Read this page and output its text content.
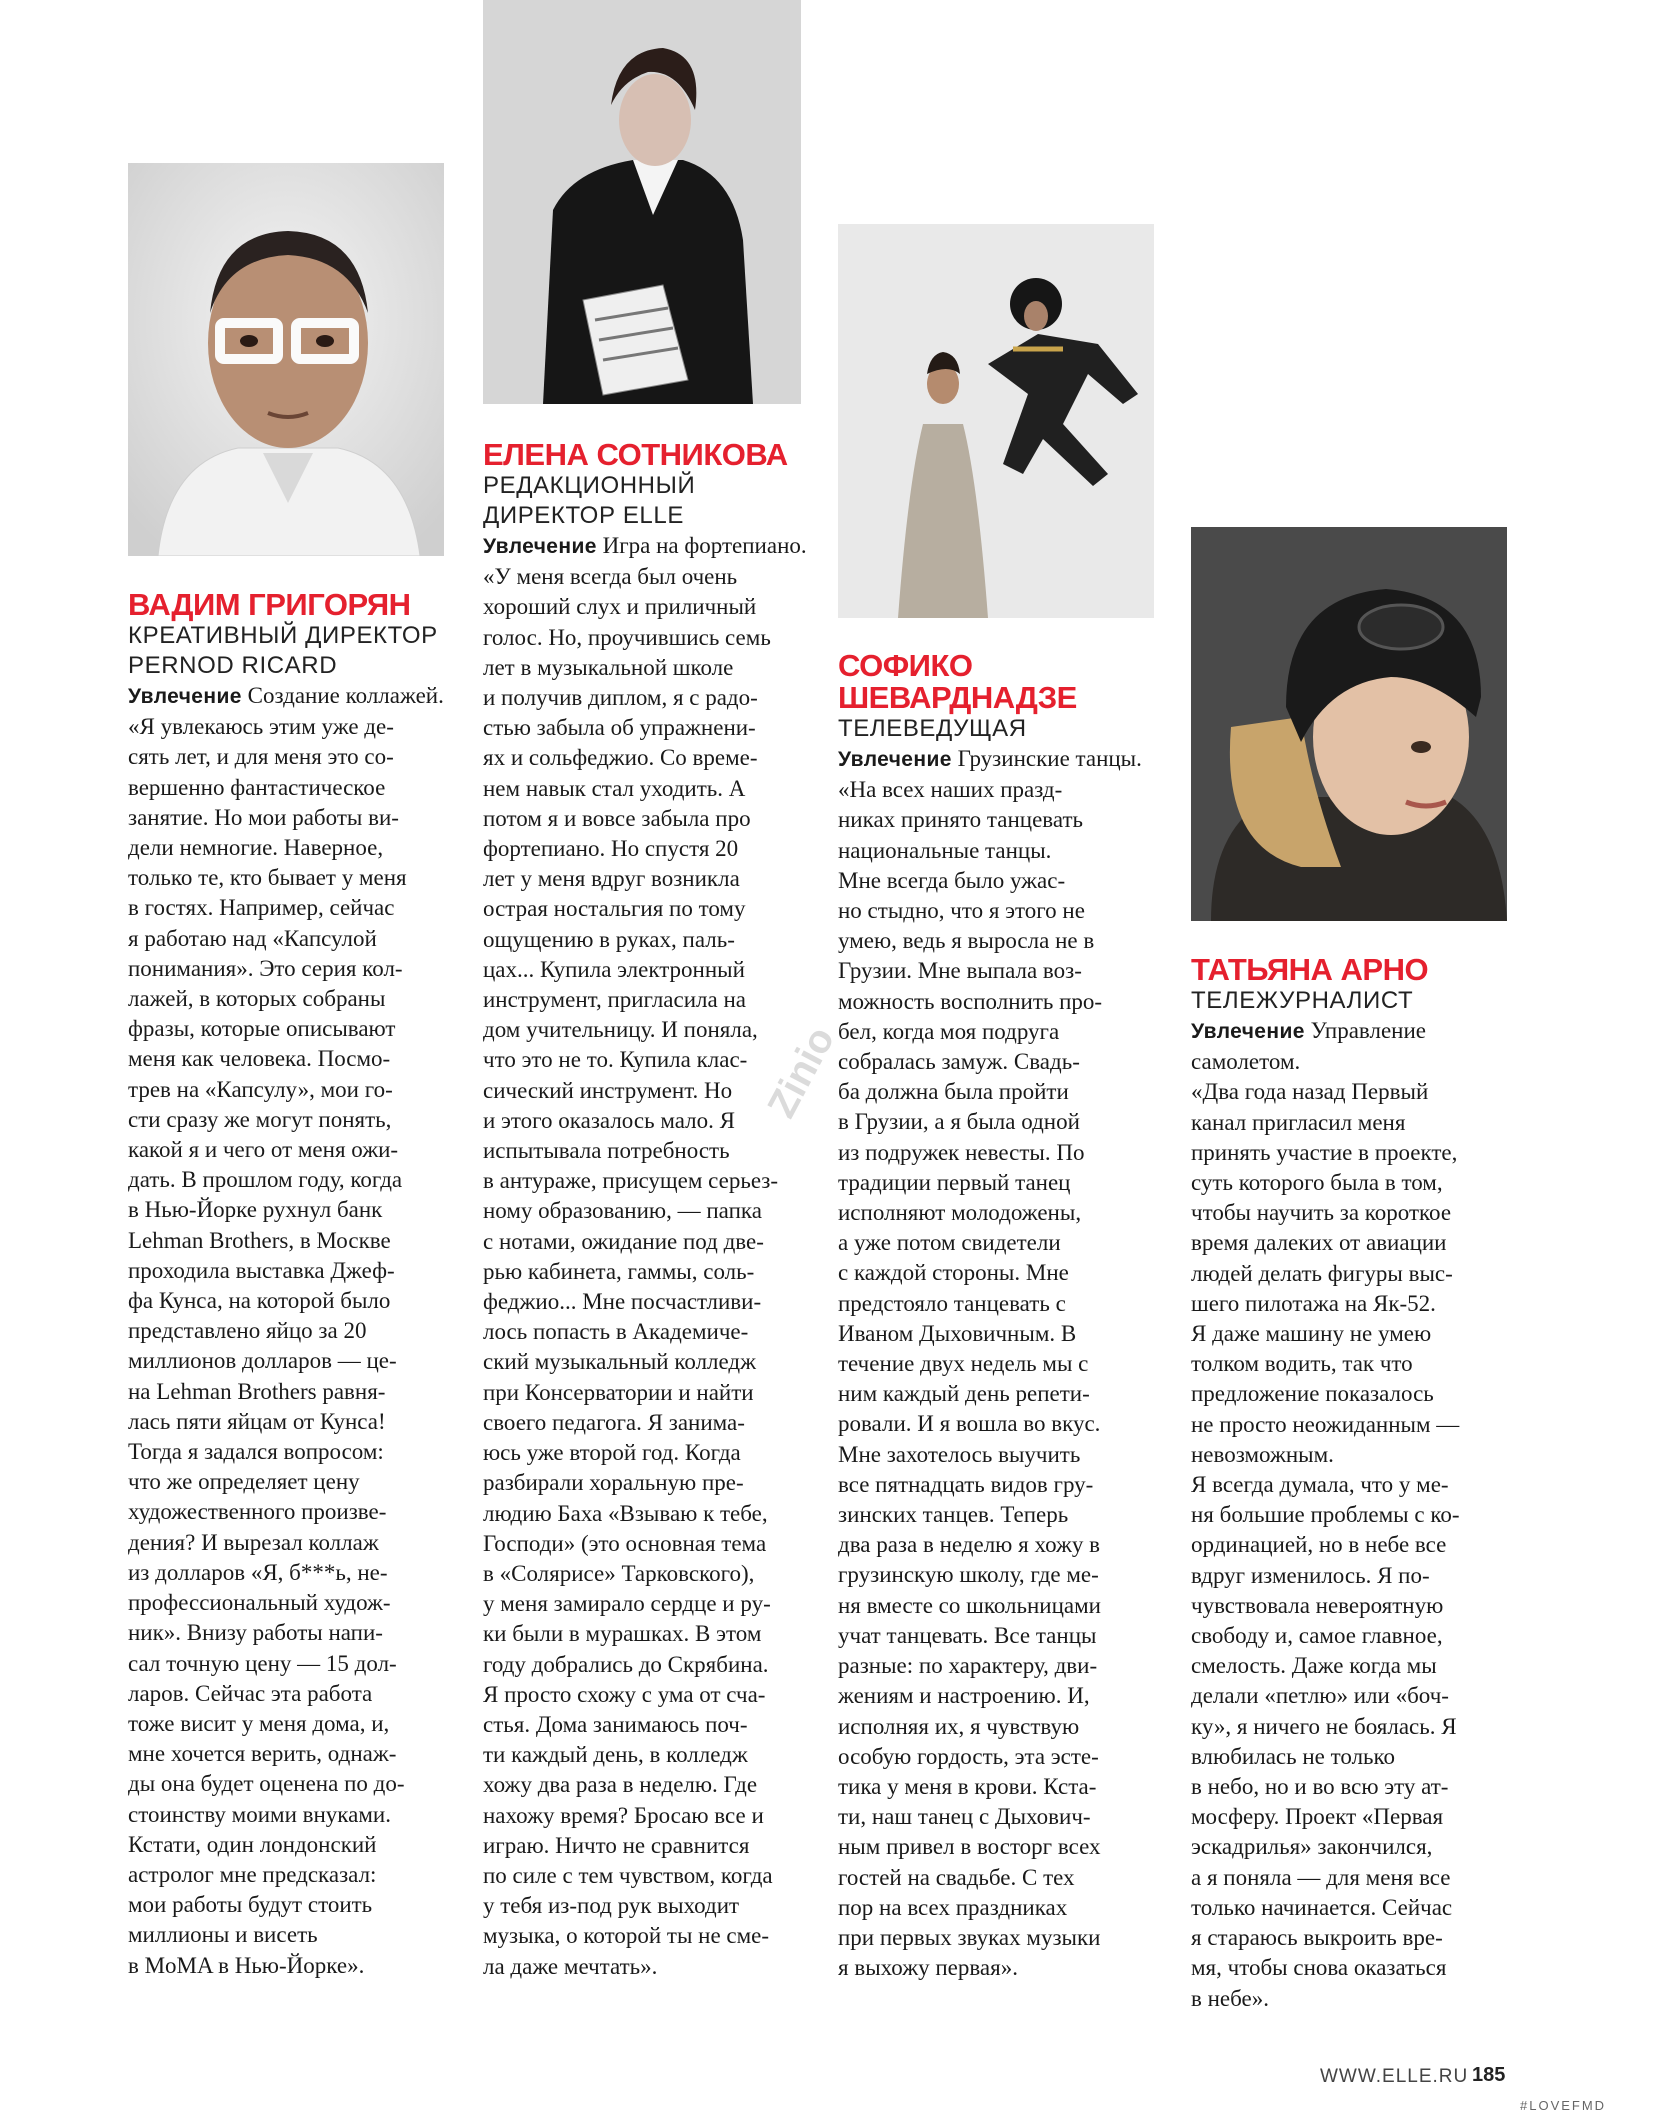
ВАДИМ ГРИГОРЯН

КРЕАТИВНЫЙ ДИРЕКТОР
PERNOD RICARD

Увлечение Создание коллажей.

«Я увлекаюсь этим уже де-
сять лет, и для меня это со-
вершенно фантастическое
занятие. Но мои работы ви-
дели немногие. Наверное,
только те, кто бывает у меня
в гостях. Например, сейчас
я работаю над «Капсулой
понимания». Это серия кол-
лажей, в которых собраны
фразы, которые описывают
меня как человека. Посмо-
трев на «Капсулу», мои го-
сти сразу же могут понять,
какой я и чего от меня ожи-
дать. В прошлом году, когда
в Нью-Йорке рухнул банк
Lehman Brothers, в Москве
проходила выставка Джеф-
фа Кунса, на которой было
представлено яйцо за 20
миллионов долларов — це-
на Lehman Brothers равня-
лась пяти яйцам от Кунса!
Тогда я задался вопросом:
что же определяет цену
художественного произве-
дения? И вырезал коллаж
из долларов «Я, б***ь, не-
профессиональный худож-
ник». Внизу работы напи-
сал точную цену — 15 дол-
ларов. Сейчас эта работа
тоже висит у меня дома, и,
мне хочется верить, однаж-
ды она будет оценена по до-
стоинству моими внуками.
Кстати, один лондонский
астролог мне предсказал:
мои работы будут стоить
миллионы и висеть
в MoMA в Нью-Йорке».

ЕЛЕНА СОТНИКОВА

РЕДАКЦИОННЫЙ
ДИРЕКТОР ELLE

Увлечение Игра на фортепиано.

«У меня всегда был очень
хороший слух и приличный
голос. Но, проучившись семь
лет в музыкальной школе
и получив диплом, я с радо-
стью забыла об упражнени-
ях и сольфеджио. Со време-
нем навык стал уходить. А
потом я и вовсе забыла про
фортепиано. Но спустя 20
лет у меня вдруг возникла
острая ностальгия по тому
ощущению в руках, паль-
цах... Купила электронный
инструмент, пригласила на
дом учительницу. И поняла,
что это не то. Купила клас-
сический инструмент. Но
и этого оказалось мало. Я
испытывала потребность
в антураже, присущем серьез-
ному образованию, — папка
с нотами, ожидание под две-
рью кабинета, гаммы, соль-
феджио... Мне посчастливи-
лось попасть в Академиче-
ский музыкальный колледж
при Консерватории и найти
своего педагога. Я занима-
юсь уже второй год. Когда
разбирали хоральную пре-
людию Баха «Взываю к тебе,
Господи» (это основная тема
в «Солярисе» Тарковского),
у меня замирало сердце и ру-
ки были в мурашках. В этом
году добрались до Скрябина.
Я просто схожу с ума от сча-
стья. Дома занимаюсь поч-
ти каждый день, в колледж
хожу два раза в неделю. Где
нахожу время? Бросаю все и
играю. Ничто не сравнится
по силе с тем чувством, когда
у тебя из-под рук выходит
музыка, о которой ты не сме-
ла даже мечтать».

СОФИКО
ШЕВАРДНАДЗЕ

ТЕЛЕВЕДУЩАЯ

Увлечение Грузинские танцы.

«На всех наших празд-
никах принято танцевать
национальные танцы.
Мне всегда было ужас-
но стыдно, что я этого не
умею, ведь я выросла не в
Грузии. Мне выпала воз-
можность восполнить про-
бел, когда моя подруга
собралась замуж. Свадь-
ба должна была пройти
в Грузии, а я была одной
из подружек невесты. По
традиции первый танец
исполняют молодожены,
а уже потом свидетели
с каждой стороны. Мне
предстояло танцевать с
Иваном Дыховичным. В
течение двух недель мы с
ним каждый день репети-
ровали. И я вошла во вкус.
Мне захотелось выучить
все пятнадцать видов гру-
зинских танцев. Теперь
два раза в неделю я хожу в
грузинскую школу, где ме-
ня вместе со школьницами
учат танцевать. Все танцы
разные: по характеру, дви-
жениям и настроению. И,
исполняя их, я чувствую
особую гордость, эта эсте-
тика у меня в крови. Кста-
ти, наш танец с Дыхович-
ным привел в восторг всех
гостей на свадьбе. С тех
пор на всех праздниках
при первых звуках музыки
я выхожу первая».

ТАТЬЯНА АРНО

ТЕЛЕЖУРНАЛИСТ

Увлечение Управление самолетом.

«Два года назад Первый
канал пригласил меня
принять участие в проекте,
суть которого была в том,
чтобы научить за короткое
время далеких от авиации
людей делать фигуры выс-
шего пилотажа на Як-52.
Я даже машину не умею
толком водить, так что
предложение показалось
не просто неожиданным —
невозможным.
Я всегда думала, что у ме-
ня большие проблемы с ко-
ординацией, но в небе все
вдруг изменилось. Я по-
чувствовала невероятную
свободу и, самое главное,
смелость. Даже когда мы
делали «петлю» или «боч-
ку», я ничего не боялась. Я
влюбилась не только
в небо, но и во всю эту ат-
мосферу. Проект «Первая
эскадрилья» закончился,
а я поняла — для меня все
только начинается. Сейчас
я стараюсь выкроить вре-
мя, чтобы снова оказаться
в небе».

Zinio
WWW.ELLE.RU 185
#LOVEFMD
